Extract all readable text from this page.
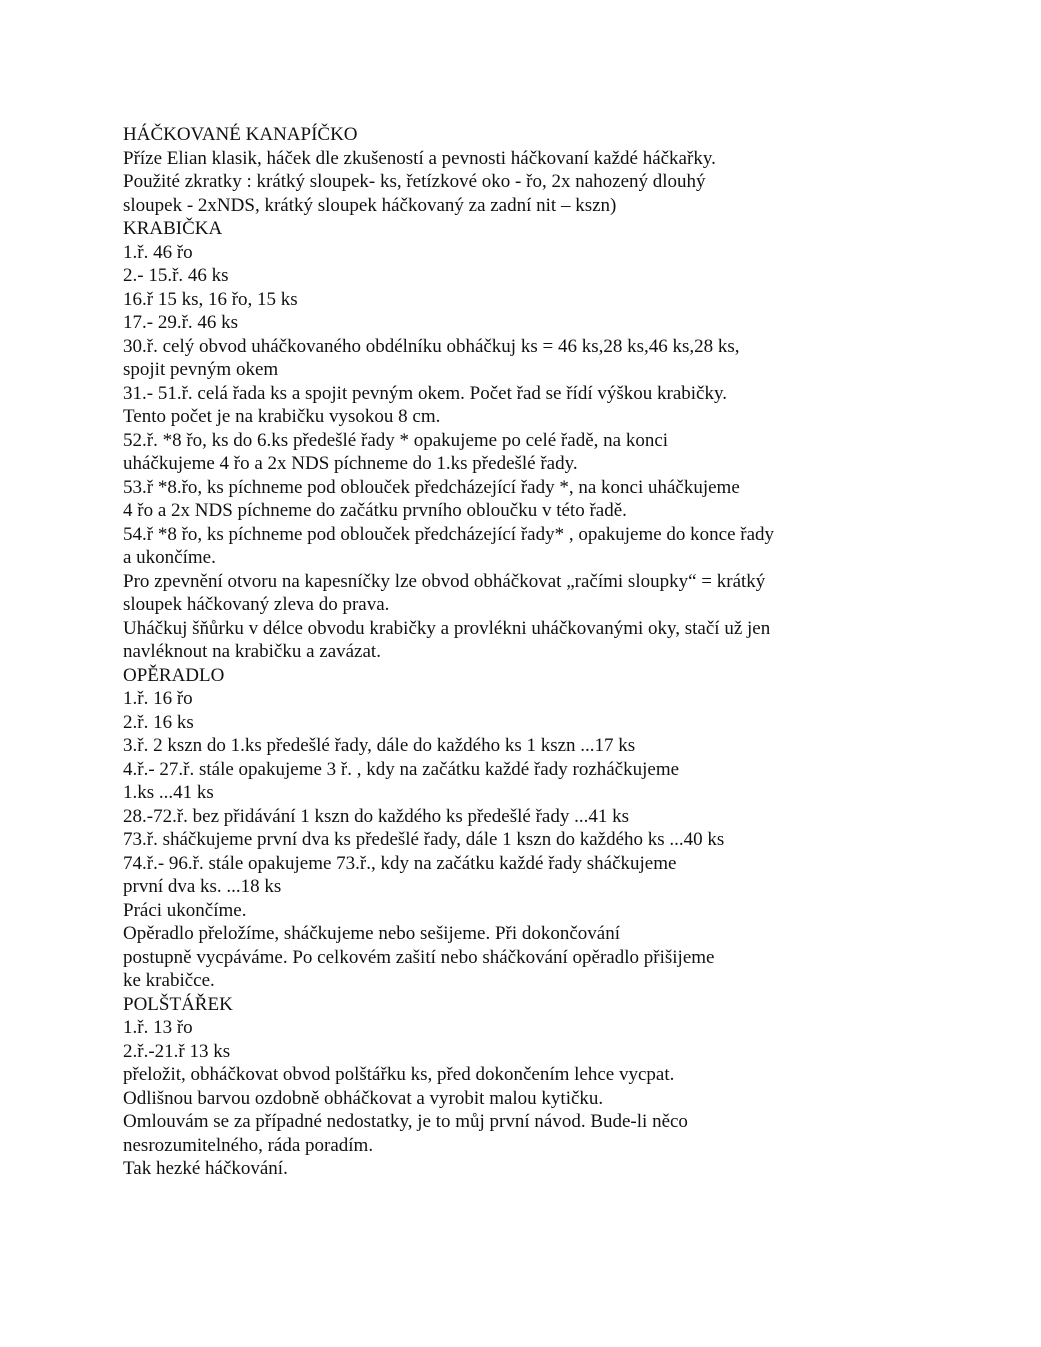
HÁČKOVANÉ KANAPÍČKO
Příze Elian klasik, háček dle zkušeností a pevnosti háčkovaní každé háčkařky.
Použité zkratky : krátký sloupek- ks, řetízkové oko - řo, 2x nahozený dlouhý
sloupek - 2xNDS, krátký sloupek háčkovaný za zadní nit – kszn)
KRABIČKA
1.ř. 46 řo
2.- 15.ř. 46 ks
16.ř 15 ks, 16 řo, 15 ks
17.- 29.ř. 46 ks
30.ř. celý obvod uháčkovaného obdélníku obháčkuj ks = 46 ks,28 ks,46 ks,28 ks,
spojit pevným okem
31.- 51.ř. celá řada ks a spojit pevným okem. Počet řad se řídí výškou krabičky.
Tento počet je na krabičku vysokou 8 cm.
52.ř. *8 řo, ks do 6.ks předešlé řady * opakujeme po celé řadě, na konci
uháčkujeme 4 řo a 2x NDS píchneme do 1.ks předešlé řady.
53.ř *8.řo, ks píchneme pod oblouček předcházející řady *, na konci uháčkujeme
4 řo a 2x NDS píchneme do začátku prvního obloučku v této řadě.
54.ř *8 řo, ks píchneme pod oblouček předcházející řady* , opakujeme do konce řady
a ukončíme.
Pro zpevnění otvoru na kapesníčky lze obvod obháčkovat „račími sloupky“ = krátký
sloupek háčkovaný zleva do prava.
Uháčkuj šňůrku v délce obvodu krabičky a provlékni uháčkovanými oky, stačí už jen
navléknout na krabičku a zavázat.
OPĚRADLO
1.ř. 16 řo
2.ř. 16 ks
3.ř. 2 kszn do 1.ks předešlé řady, dále do každého ks 1 kszn ...17 ks
4.ř.- 27.ř. stále opakujeme 3 ř. , kdy na začátku každé řady rozháčkujeme
1.ks ...41 ks
28.-72.ř. bez přidávání 1 kszn do každého ks předešlé řady ...41 ks
73.ř. sháčkujeme první dva ks předešlé řady, dále 1 kszn do každého ks ...40 ks
74.ř.- 96.ř. stále opakujeme 73.ř., kdy na začátku každé řady sháčkujeme
první dva ks. ...18 ks
Práci ukončíme.
Opěradlo přeložíme, sháčkujeme nebo sešijeme. Při dokončování
postupně vycpáváme. Po celkovém zašití nebo sháčkování opěradlo přišijeme
ke krabičce.
POLŠTÁŘEK
1.ř. 13 řo
2.ř.-21.ř 13 ks
přeložit, obháčkovat obvod polštářku ks, před dokončením lehce vycpat.
Odlišnou barvou ozdobně obháčkovat a vyrobit malou kytičku.
Omlouvám se za případné nedostatky, je to můj první návod. Bude-li něco
nesrozumitelného, ráda poradím.
Tak hezké háčkování.
